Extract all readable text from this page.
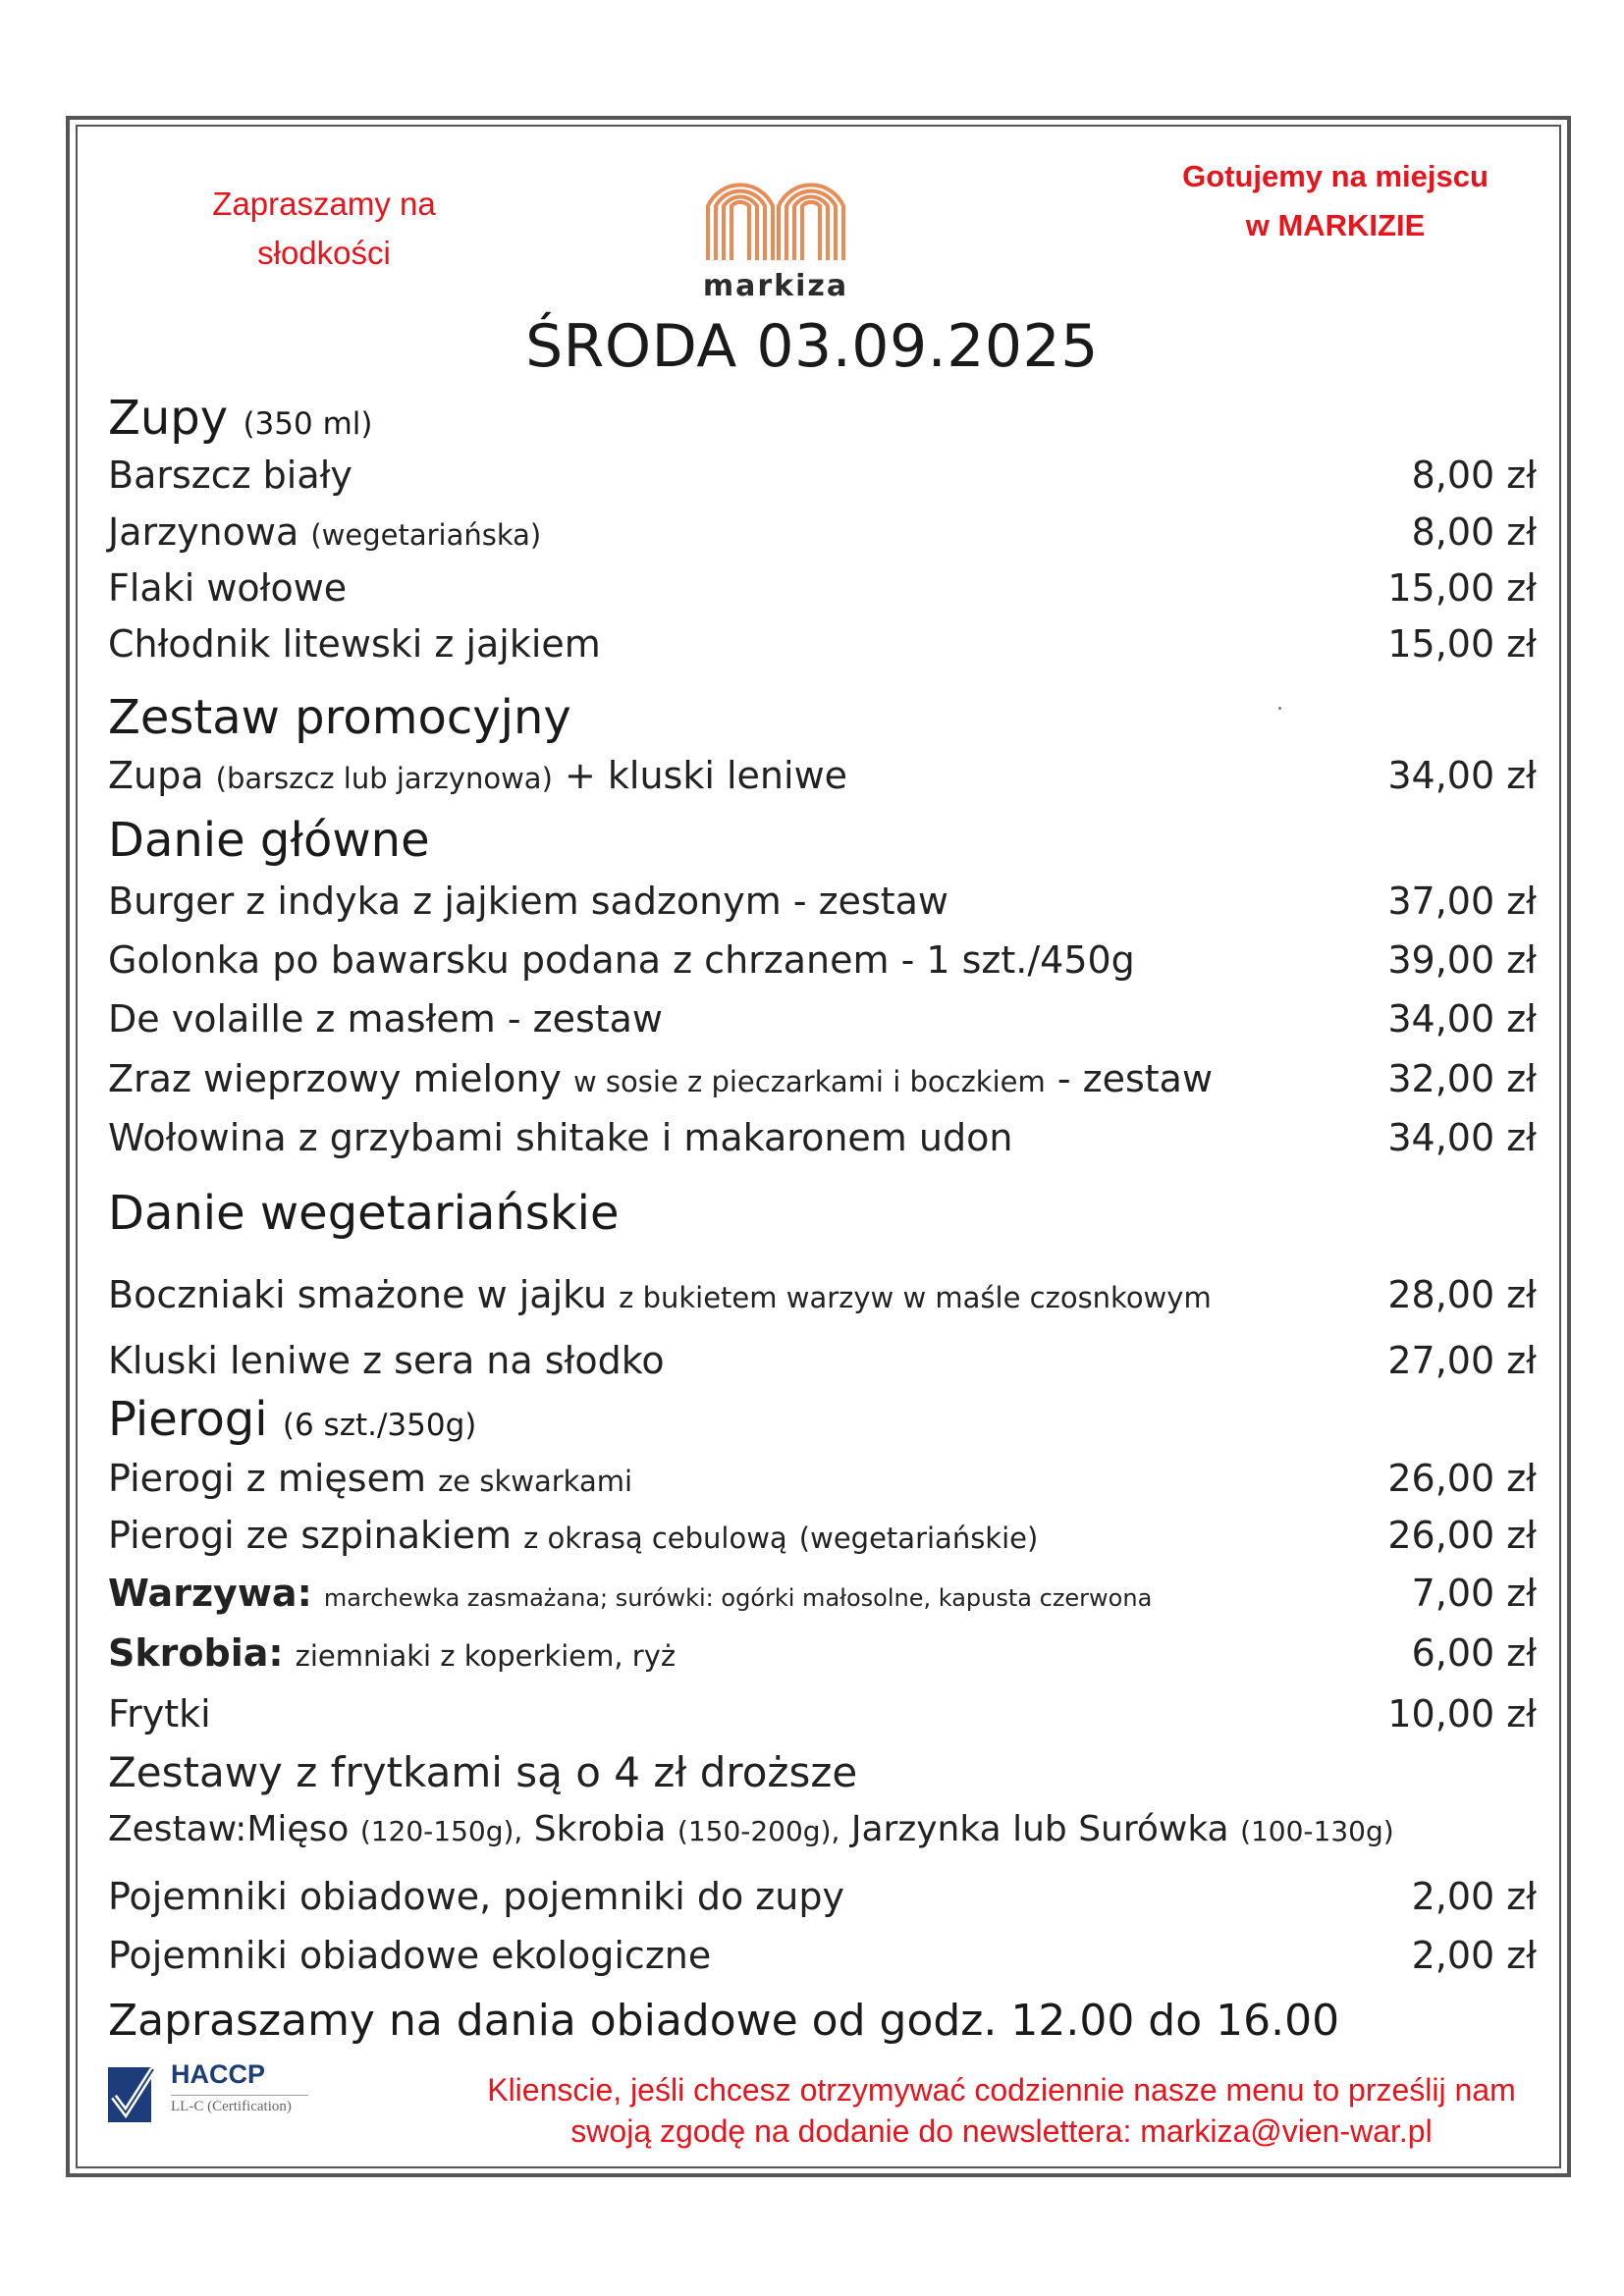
Zapraszamy na
słodkości
markiza
Gotujemy na miejscu
w MARKIZIE
ŚRODA 03.09.2025
Zupy (350 ml)
Barszcz biały	8,00 zł
Jarzynowa (wegetariańska)	8,00 zł
Flaki wołowe	15,00 zł
Chłodnik litewski z jajkiem	15,00 zł
Zestaw promocyjny
Zupa (barszcz lub jarzynowa) + kluski leniwe	34,00 zł
Danie główne
Burger z indyka z jajkiem sadzonym - zestaw	37,00 zł
Golonka po bawarsku podana z chrzanem - 1 szt./450g	39,00 zł
De volaille z masłem - zestaw	34,00 zł
Zraz wieprzowy mielony w sosie z pieczarkami i boczkiem - zestaw	32,00 zł
Wołowina z grzybami shitake i makaronem udon	34,00 zł
Danie wegetariańskie
Boczniaki smażone w jajku z bukietem warzyw w maśle czosnkowym	28,00 zł
Kluski leniwe z sera na słodko	27,00 zł
Pierogi (6 szt./350g)
Pierogi z mięsem ze skwarkami	26,00 zł
Pierogi ze szpinakiem z okrasą cebulową (wegetariańskie)	26,00 zł
Warzywa: marchewka zasmażana; surówki: ogórki małosolne, kapusta czerwona	7,00 zł
Skrobia: ziemniaki z koperkiem, ryż	6,00 zł
Frytki	10,00 zł
Zestawy z frytkami są o 4 zł droższe
Zestaw:Mięso (120-150g), Skrobia (150-200g), Jarzynka lub Surówka (100-130g)
Pojemniki obiadowe, pojemniki do zupy	2,00 zł
Pojemniki obiadowe ekologiczne	2,00 zł
Zapraszamy na dania obiadowe od godz. 12.00 do 16.00
HACCP
LL-C (Certification)	Klienscie, jeśli chcesz otrzymywać codziennie nasze menu to prześlij nam
swoją zgodę na dodanie do newslettera: markiza@vien-war.pl
